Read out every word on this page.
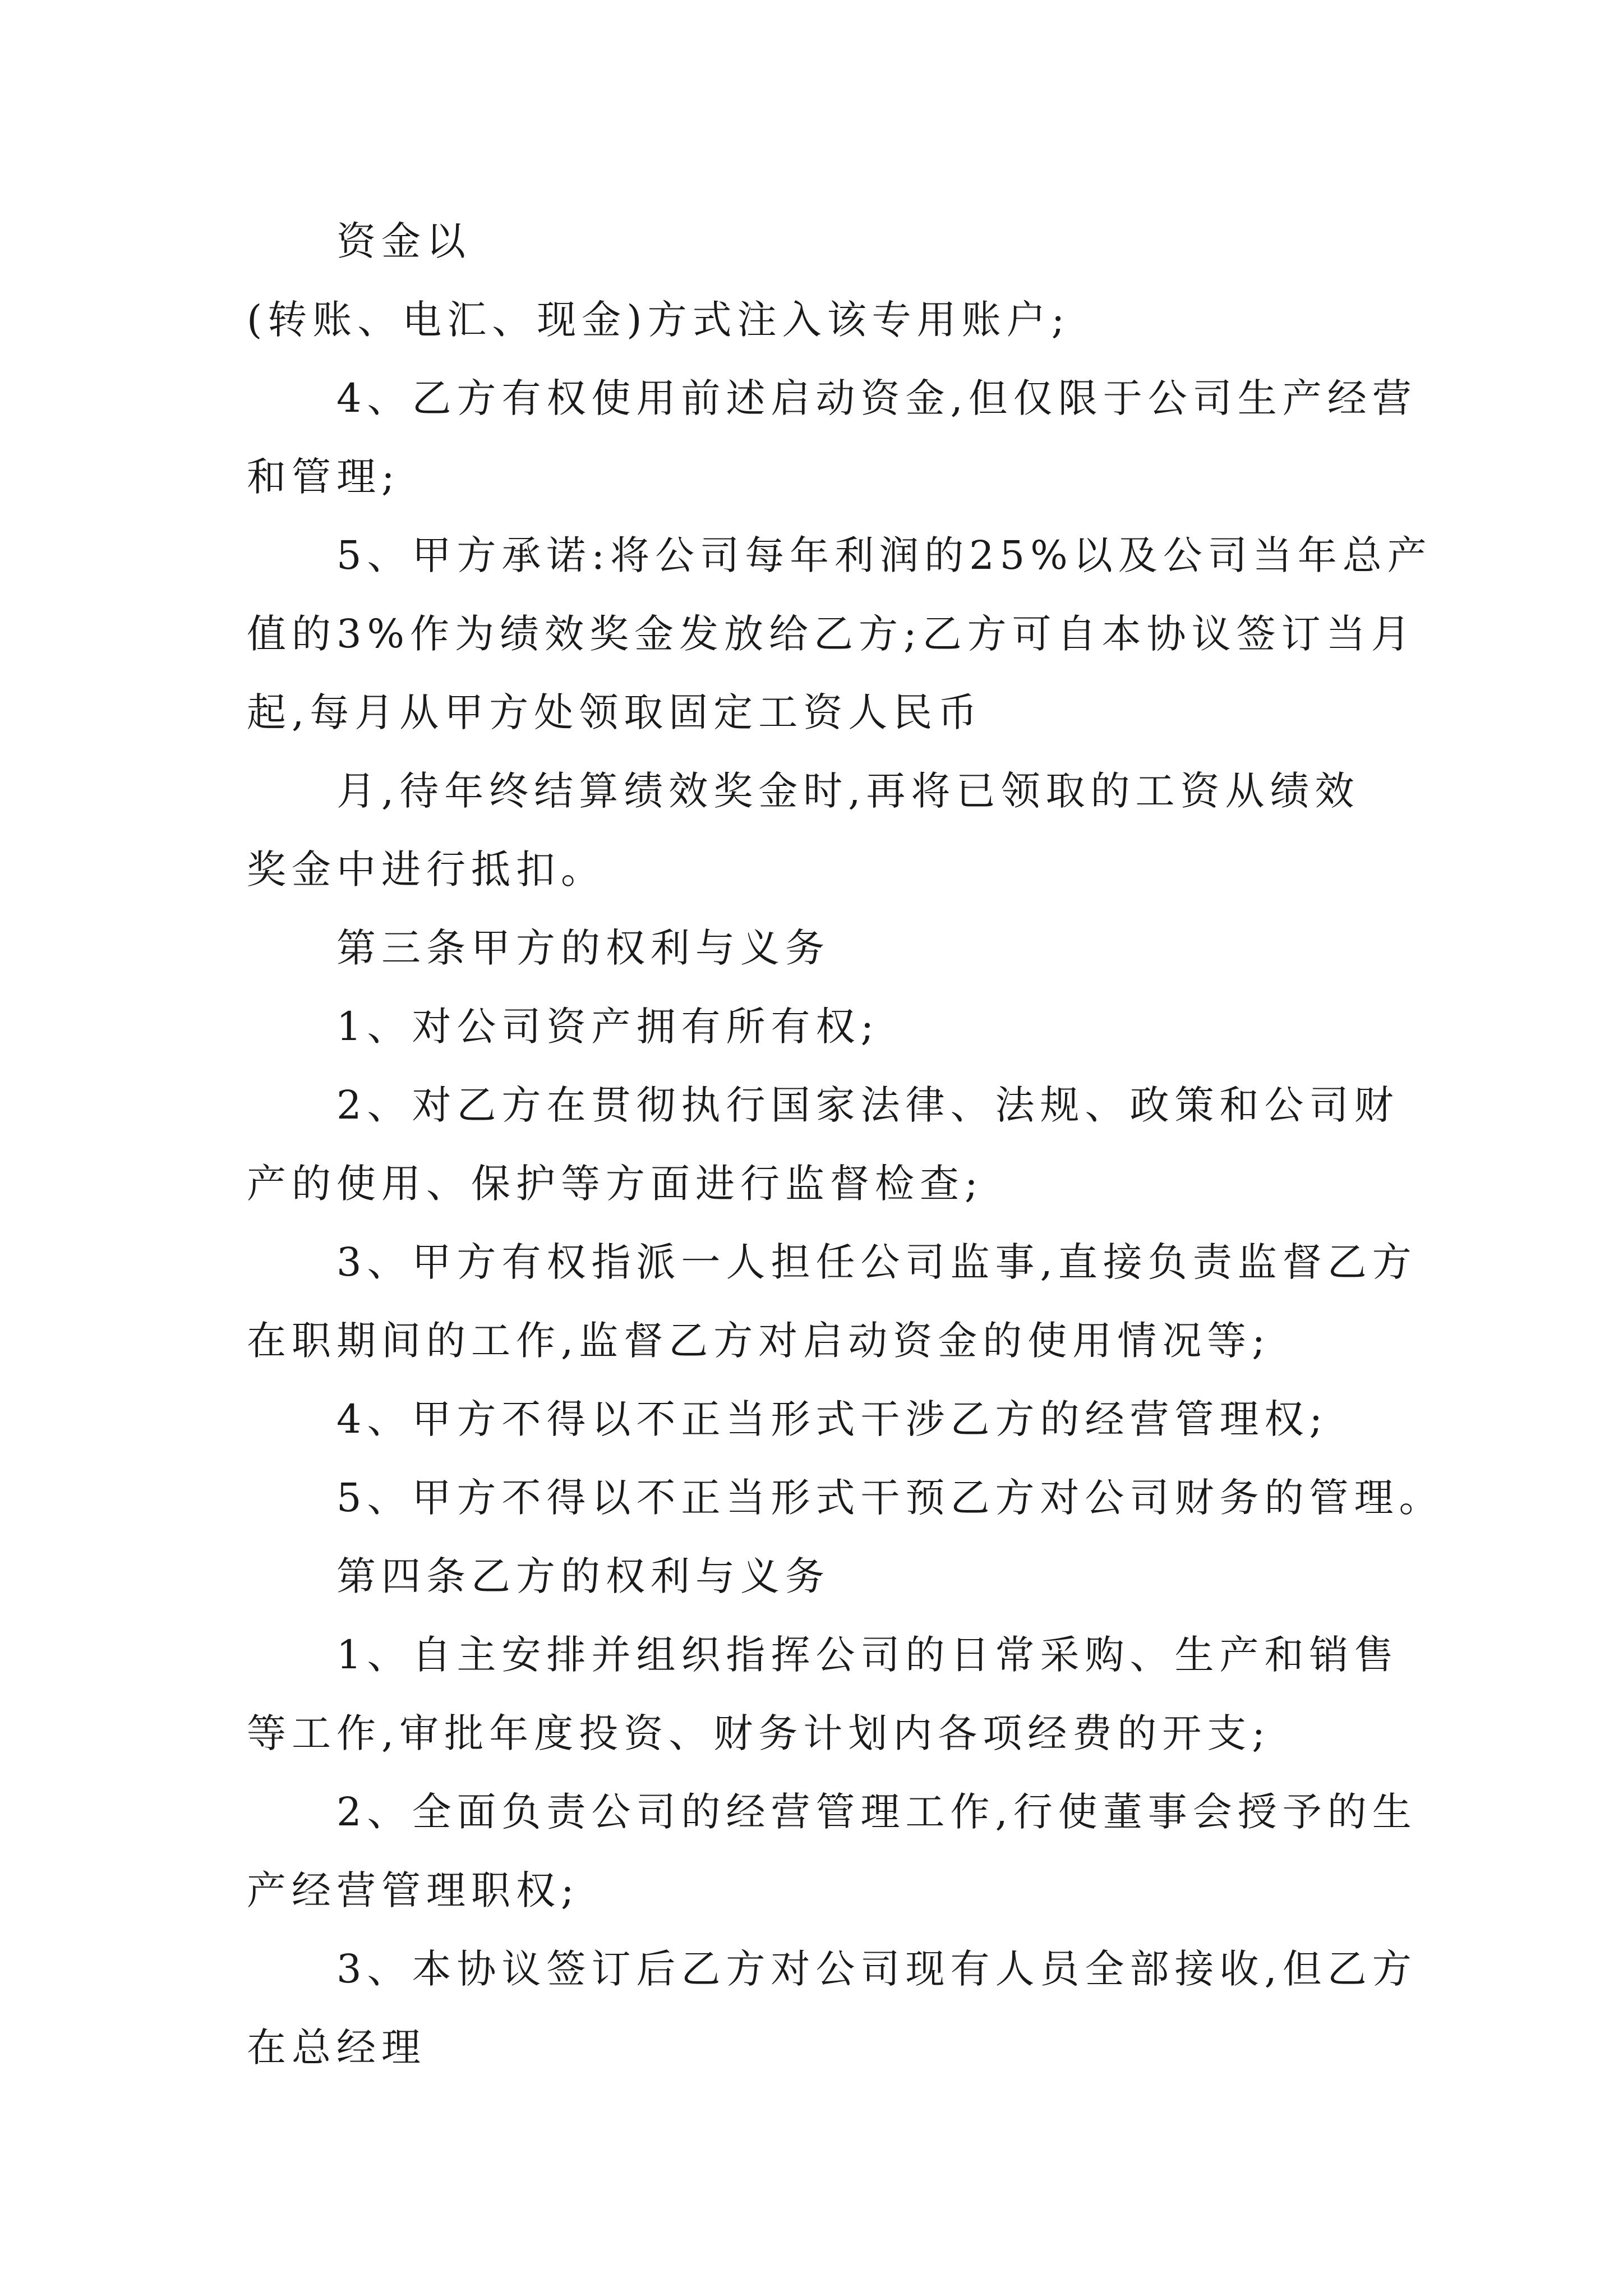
资金以
(转账、电汇、现金)方式注入该专用账户;
4、乙方有权使用前述启动资金,但仅限于公司生产经营
和管理;
5、甲方承诺:将公司每年利润的25%以及公司当年总产
值的3%作为绩效奖金发放给乙方;乙方可自本协议签订当月
起,每月从甲方处领取固定工资人民币
月,待年终结算绩效奖金时,再将已领取的工资从绩效
奖金中进行抵扣。
第三条甲方的权利与义务
1、对公司资产拥有所有权;
2、对乙方在贯彻执行国家法律、法规、政策和公司财
产的使用、保护等方面进行监督检查;
3、甲方有权指派一人担任公司监事,直接负责监督乙方
在职期间的工作,监督乙方对启动资金的使用情况等;
4、甲方不得以不正当形式干涉乙方的经营管理权;
5、甲方不得以不正当形式干预乙方对公司财务的管理。
第四条乙方的权利与义务
1、自主安排并组织指挥公司的日常采购、生产和销售
等工作,审批年度投资、财务计划内各项经费的开支;
2、全面负责公司的经营管理工作,行使董事会授予的生
产经营管理职权;
3、本协议签订后乙方对公司现有人员全部接收,但乙方
在总经理
